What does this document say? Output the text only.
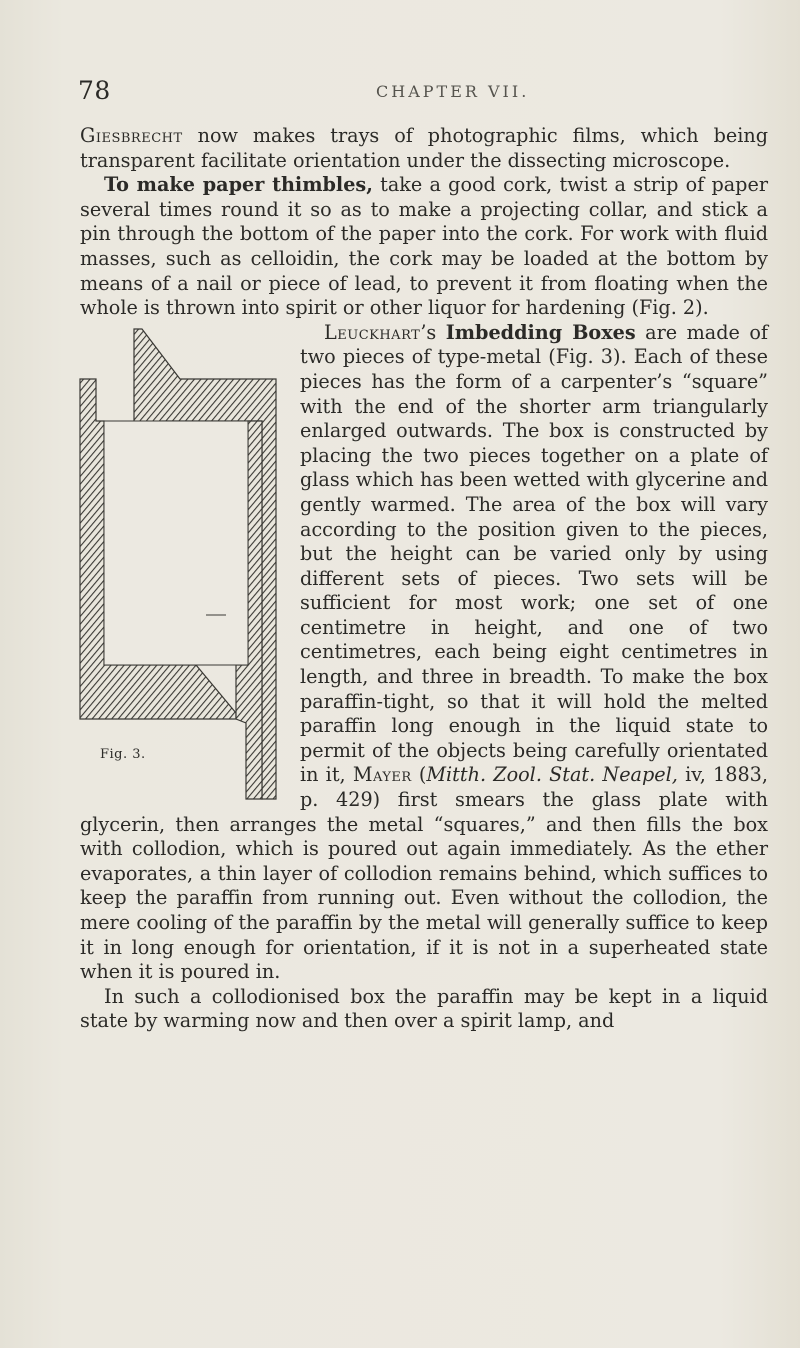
78	CHAPTER VII.

Giesbrecht now makes trays of photographic films, which being transparent facilitate orientation under the dissecting microscope.

To make paper thimbles, take a good cork, twist a strip of paper several times round it so as to make a projecting collar, and stick a pin through the bottom of the paper into the cork. For work with fluid masses, such as celloidin, the cork may be loaded at the bottom by means of a nail or piece of lead, to prevent it from floating when the whole is thrown into spirit or other liquor for hardening (Fig. 2).

Leuckhart’s Imbedding Boxes
Fig. 3.
are made of two pieces of type-metal (Fig. 3). Each of these pieces has the form of a carpenter’s “square” with the end of the shorter arm triangularly enlarged outwards. The box is constructed by placing the two pieces together on a plate of glass which has been wetted with glycerine and gently warmed. The area of the box will vary according to the position given to the pieces, but the height can be varied only by using different sets of pieces. Two sets will be sufficient for most work; one set of one centimetre in height, and one of two centimetres, each being eight centimetres in length, and three in breadth. To make the box paraffin-tight, so that it will hold the melted paraffin long enough in the liquid state to permit of the objects being carefully orientated in it, Mayer (Mitth. Zool. Stat. Neapel, iv, 1883, p. 429) first smears the glass plate with glycerin, then arranges the metal “squares,” and then fills the box with collodion, which is poured out again immediately. As the ether evaporates, a thin layer of collodion remains behind, which suffices to keep the paraffin from running out. Even without the collodion, the mere cooling of the paraffin by the metal will generally suffice to keep it in long enough for orientation, if it is not in a superheated state when it is poured in.

In such a collodionised box the paraffin may be kept in a liquid state by warming now and then over a spirit lamp, and
